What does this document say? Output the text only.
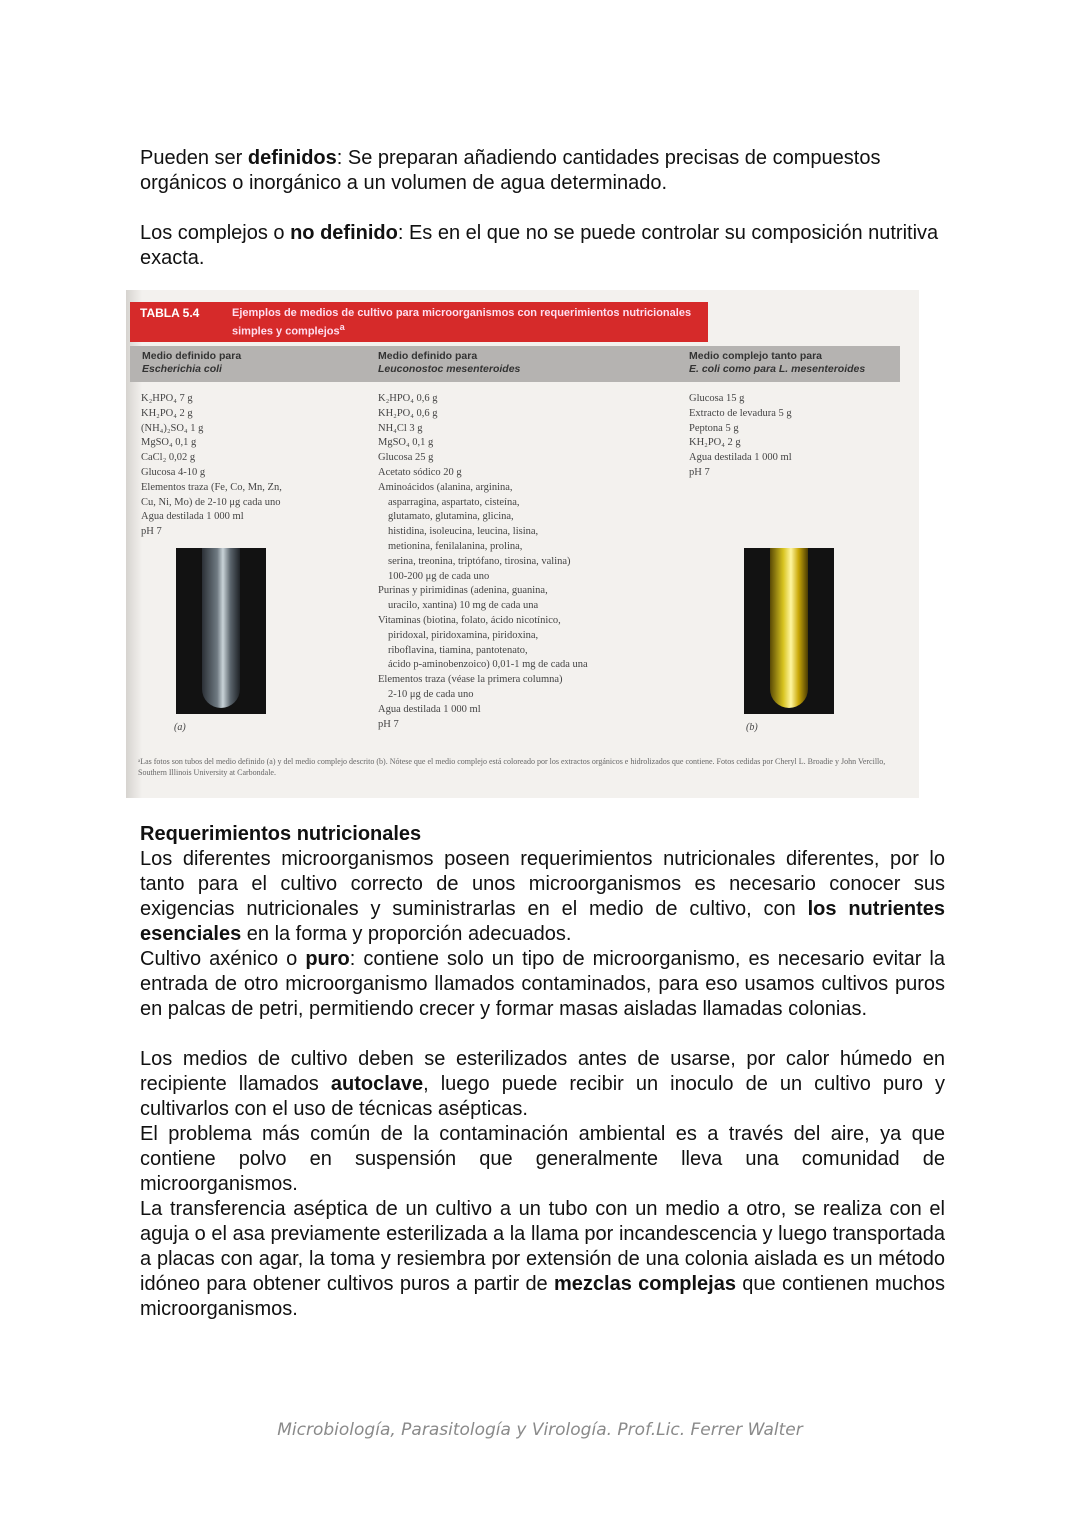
Pueden ser definidos: Se preparan añadiendo cantidades precisas de compuestos orgánicos o inorgánico a un volumen de agua determinado.

Los complejos o no definido: Es en el que no se puede controlar su composición nutritiva exacta.

TABLA 5.4	Ejemplos de medios de cultivo para microorganismos con requerimientos nutricionales simples y complejos$^a$
Medio definido para
Escherichia coli
Medio definido para
Leuconostoc mesenteroides
Medio complejo tanto para
E. coli como para L. mesenteroides
K₂HPO₄ 7 g
KH₂PO₄ 2 g
(NH₄)₂SO₄ 1 g
MgSO₄ 0,1 g
CaCl₂ 0,02 g
Glucosa 4-10 g
Elementos traza (Fe, Co, Mn, Zn,
Cu, Ni, Mo) de 2-10 μg cada uno
Agua destilada 1 000 ml
pH 7
K₂HPO₄ 0,6 g
KH₂PO₄ 0,6 g
NH₄Cl 3 g
MgSO₄ 0,1 g
Glucosa 25 g
Acetato sódico 20 g
Aminoácidos (alanina, arginina,
asparragina, aspartato, cisteína,
glutamato, glutamina, glicina,
histidina, isoleucina, leucina, lisina,
metionina, fenilalanina, prolina,
serina, treonina, triptófano, tirosina, valina)
100-200 μg de cada uno
Purinas y pirimidinas (adenina, guanina,
uracilo, xantina) 10 mg de cada una
Vitaminas (biotina, folato, ácido nicotínico,
piridoxal, piridoxamina, piridoxina,
riboflavina, tiamina, pantotenato,
ácido p-aminobenzoico) 0,01-1 mg de cada una
Elementos traza (véase la primera columna)
2-10 μg de cada uno
Agua destilada 1 000 ml
pH 7
Glucosa 15 g
Extracto de levadura 5 g
Peptona 5 g
KH₂PO₄ 2 g
Agua destilada 1 000 ml
pH 7
(a)	(b)
ᵃLas fotos son tubos del medio definido (a) y del medio complejo descrito (b). Nótese que el medio complejo está coloreado por los extractos orgánicos e hidrolizados que contiene. Fotos cedidas por Cheryl L. Broadie y John Vercillo, Southern Illinois University at Carbondale.

Requerimientos nutricionales

Los diferentes microorganismos poseen requerimientos nutricionales diferentes, por lo tanto para el cultivo correcto de unos microorganismos es necesario conocer sus exigencias nutricionales y suministrarlas en el medio de cultivo, con los nutrientes esenciales en la forma y proporción adecuados.

Cultivo axénico o puro: contiene solo un tipo de microorganismo, es necesario evitar la entrada de otro microorganismo llamados contaminados, para eso usamos cultivos puros en palcas de petri, permitiendo crecer y formar masas aisladas llamadas colonias.

Los medios de cultivo deben se esterilizados antes de usarse, por calor húmedo en recipiente llamados autoclave, luego puede recibir un inoculo de un cultivo puro y cultivarlos con el uso de técnicas asépticas.

El problema más común de la contaminación ambiental es a través del aire, ya que contiene polvo en suspensión que generalmente lleva una comunidad de microorganismos.

La transferencia aséptica de un cultivo a un tubo con un medio a otro, se realiza con el aguja o el asa previamente esterilizada a la llama por incandescencia y luego transportada a placas con agar, la toma y resiembra por extensión de una colonia aislada es un método idóneo para obtener cultivos puros a partir de mezclas complejas que contienen muchos microorganismos.

Microbiología, Parasitología y Virología. Prof.Lic. Ferrer Walter
